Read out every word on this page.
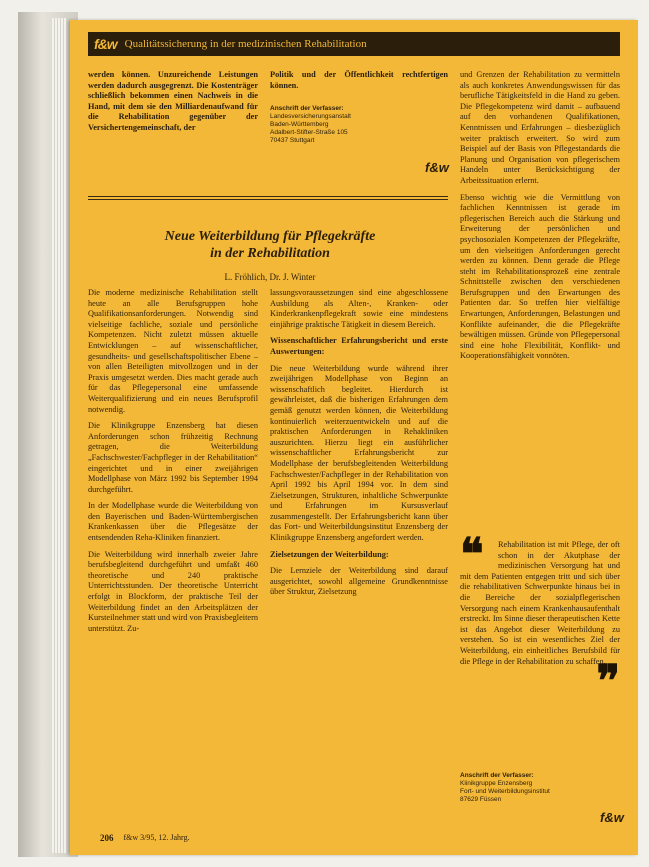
f&w Qualitätssicherung in der medizinischen Rehabilitation

werden können. Unzureichende Leistungen werden dadurch ausgegrenzt. Die Kostenträger schließlich bekommen einen Nachweis in die Hand, mit dem sie den Milliardenaufwand für die Rehabilitation gegenüber der Versichertengemeinschaft, der

Politik und der Öffentlichkeit rechtfertigen können.

Anschrift der Verfasser:
Landesversicherungsanstalt
Baden-Württemberg
Adalbert-Stifter-Straße 105
70437 Stuttgart
f&w
Neue Weiterbildung für Pflegekräfte
in der Rehabilitation
L. Fröhlich, Dr. J. Winter

Die moderne medizinische Rehabilitation stellt heute an alle Berufsgruppen hohe Qualifikationsanforderungen. Notwendig sind vielseitige fachliche, soziale und persönliche Kompetenzen. Nicht zuletzt müssen aktuelle Entwicklungen – auf wissenschaftlicher, gesundheits- und gesellschaftspolitischer Ebene – von allen Beteiligten mitvollzogen und in der Praxis umgesetzt werden. Dies macht gerade auch für das Pflegepersonal eine umfassende Weiterqualifizierung und ein neues Berufsprofil notwendig.

Die Klinikgruppe Enzensberg hat diesen Anforderungen schon frühzeitig Rechnung getragen, die Weiterbildung „Fachschwester/Fachpfleger in der Rehabilitation“ eingerichtet und in einer zweijährigen Modellphase von März 1992 bis September 1994 durchgeführt.

In der Modellphase wurde die Weiterbildung von den Bayerischen und Baden-Württembergischen Krankenkassen über die Pflegesätze der entsendenden Reha-Kliniken finanziert.

Die Weiterbildung wird innerhalb zweier Jahre berufsbegleitend durchgeführt und umfaßt 460 theoretische und 240 praktische Unterrichtsstunden. Der theoretische Unterricht erfolgt in Blockform, der praktische Teil der Weiterbildung findet an den Arbeitsplätzen der Kursteilnehmer statt und wird von Praxisbegleitern unterstützt. Zu-

lassungsvoraussetzungen sind eine abgeschlossene Ausbildung als Alten-, Kranken- oder Kinderkrankenpflegekraft sowie eine mindestens einjährige praktische Tätigkeit in diesem Bereich.

Wissenschaftlicher Erfahrungsbericht und erste Auswertungen:

Die neue Weiterbildung wurde während ihrer zweijährigen Modellphase von Beginn an wissenschaftlich begleitet. Hierdurch ist gewährleistet, daß die bisherigen Erfahrungen dem gemäß genutzt werden können, die Weiterbildung kontinuierlich weiterzuentwickeln und auf die praktischen Anforderungen in Rehakliniken auszurichten. Hierzu liegt ein ausführlicher wissenschaftlicher Erfahrungsbericht zur Modellphase der berufsbegleitenden Weiterbildung Fachschwester/Fachpfleger in der Rehabilitation von April 1992 bis April 1994 vor. In dem sind Zielsetzungen, Strukturen, inhaltliche Schwerpunkte und Erfahrungen im Kursusverlauf zusammengestellt. Der Erfahrungsbericht kann über das Fort- und Weiterbildungsinstitut Enzensberg der Klinikgruppe Enzensberg angefordert werden.

Zielsetzungen der Weiterbildung:

Die Lernziele der Weiterbildung sind darauf ausgerichtet, sowohl allgemeine Grundkenntnisse über Struktur, Zielsetzung

und Grenzen der Rehabilitation zu vermitteln als auch konkretes Anwendungswissen für das berufliche Tätigkeitsfeld in die Hand zu geben. Die Pflegekompetenz wird damit – aufbauend auf den vorhandenen Qualifikationen, Kenntnissen und Erfahrungen – diesbezüglich weiter praktisch erweitert. So wird zum Beispiel auf der Basis von Pflegestandards die Planung und Organisation von pflegerischem Handeln unter Berücksichtigung der Arbeitssituation erlernt.

Ebenso wichtig wie die Vermittlung von fachlichen Kenntnissen ist gerade im pflegerischen Bereich auch die Stärkung und Erweiterung der persönlichen und psychosozialen Kompetenzen der Pflegekräfte, um den vielseitigen Anforderungen gerecht werden zu können. Denn gerade die Pflege steht im Rehabilitationsprozeß eine zentrale Schnittstelle zwischen den verschiedenen Berufsgruppen und den Erwartungen des Patienten dar. So treffen hier vielfältige Erwartungen, Anforderungen, Belastungen und Konflikte aufeinander, die die Pflegekräfte bewältigen müssen. Gründe von Pflegepersonal sind eine hohe Flexibilität, Konflikt- und Kooperationsfähigkeit vonnöten.

❝	Rehabilitation ist mit Pflege, der oft schon in der Akutphase der medizinischen Versorgung hat und mit dem Patienten entgegen tritt und sich über die rehabilitativen Schwerpunkte hinaus bei in die Bereiche der sozialpflegerischen Versorgung nach einem Krankenhausaufenthalt erstreckt. Im Sinne dieser therapeutischen Kette ist das Angebot dieser Weiterbildung zu verstehen. So ist ein wesentliches Ziel der Weiterbildung, ein einheitliches Berufsbild für die Pflege in der Rehabilitation zu schaffen.
❞
Anschrift der Verfasser:
Klinikgruppe Enzensberg
Fort- und Weiterbildungsinstitut
87629 Füssen
f&w
206 f&w 3/95, 12. Jahrg.
